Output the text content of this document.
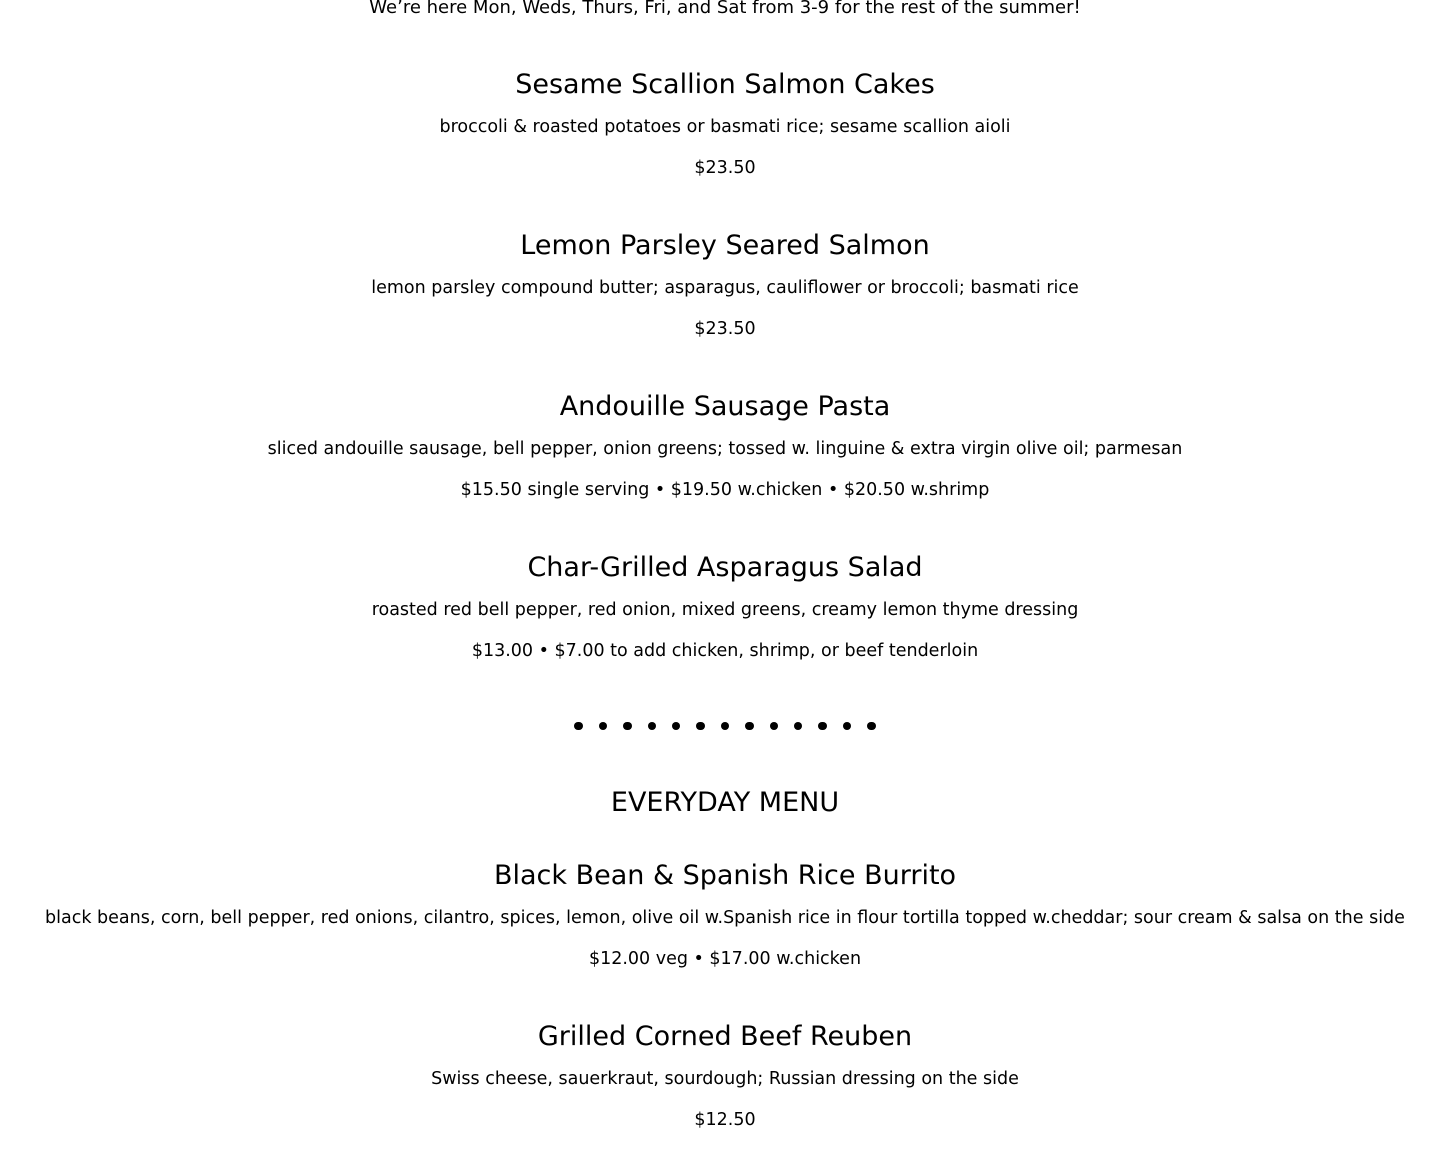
We’re here Mon, Weds, Thurs, Fri, and Sat from 3-9 for the rest of the summer!
Sesame Scallion Salmon Cakes
broccoli & roasted potatoes or basmati rice; sesame scallion aioli
$23.50
Lemon Parsley Seared Salmon
lemon parsley compound butter; asparagus, cauliflower or broccoli; basmati rice
$23.50
Andouille Sausage Pasta
sliced andouille sausage, bell pepper, onion greens; tossed w. linguine & extra virgin olive oil; parmesan
$15.50 single serving • $19.50 w.chicken • $20.50 w.shrimp
Char-Grilled Asparagus Salad
roasted red bell pepper, red onion, mixed greens, creamy lemon thyme dressing
$13.00 • $7.00 to add chicken, shrimp, or beef tenderloin
EVERYDAY MENU
Black Bean & Spanish Rice Burrito
black beans, corn, bell pepper, red onions, cilantro, spices, lemon, olive oil w.Spanish rice in flour tortilla topped w.cheddar; sour cream & salsa on the side
$12.00 veg • $17.00 w.chicken
Grilled Corned Beef Reuben
Swiss cheese, sauerkraut, sourdough; Russian dressing on the side
$12.50
